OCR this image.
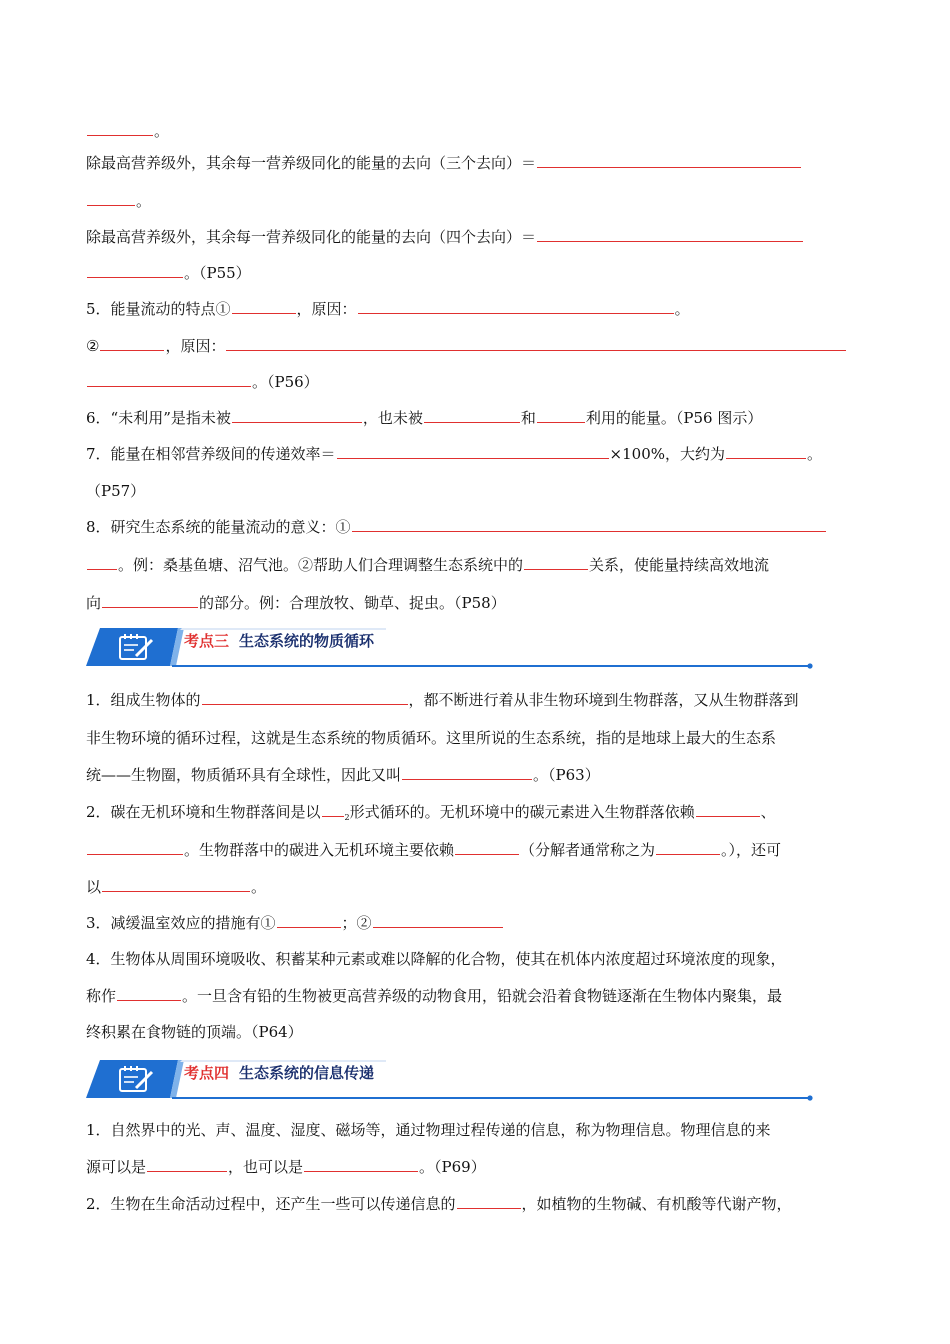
。
除最高营养级外，其余每一营养级同化的能量的去向（三个去向）＝
。
除最高营养级外，其余每一营养级同化的能量的去向（四个去向）＝
。（P55）
5．能量流动的特点①	，原因：	。
②	，原因：
。（P56）
6．“未利用”是指未被	，也未被	和	利用的能量。（P56 图示）
7．能量在相邻营养级间的传递效率＝	×100%，大约为	。
（P57）
8．研究生态系统的能量流动的意义：①
。例：桑基鱼塘、沼气池。②帮助人们合理调整生态系统中的	关系，使能量持续高效地流
向	的部分。例：合理放牧、锄草、捉虫。（P58）
考点三 生态系统的物质循环
1．组成生物体的	，都不断进行着从非生物环境到生物群落，又从生物群落到
非生物环境的循环过程，这就是生态系统的物质循环。这里所说的生态系统，指的是地球上最大的生态系
统——生物圈，物质循环具有全球性，因此又叫	。（P63）
2．碳在无机环境和生物群落间是以	$_2$形式循环的。无机环境中的碳元素进入生物群落依赖	、
。生物群落中的碳进入无机环境主要依赖	（分解者通常称之为	。），还可
以	。
3．减缓温室效应的措施有①	；②
4．生物体从周围环境吸收、积蓄某种元素或难以降解的化合物，使其在机体内浓度超过环境浓度的现象，
称作	。一旦含有铅的生物被更高营养级的动物食用，铅就会沿着食物链逐渐在生物体内聚集，最
终积累在食物链的顶端。（P64）
考点四 生态系统的信息传递
1．自然界中的光、声、温度、湿度、磁场等，通过物理过程传递的信息，称为物理信息。物理信息的来
源可以是	，也可以是	。（P69）
2．生物在生命活动过程中，还产生一些可以传递信息的	，如植物的生物碱、有机酸等代谢产物，
